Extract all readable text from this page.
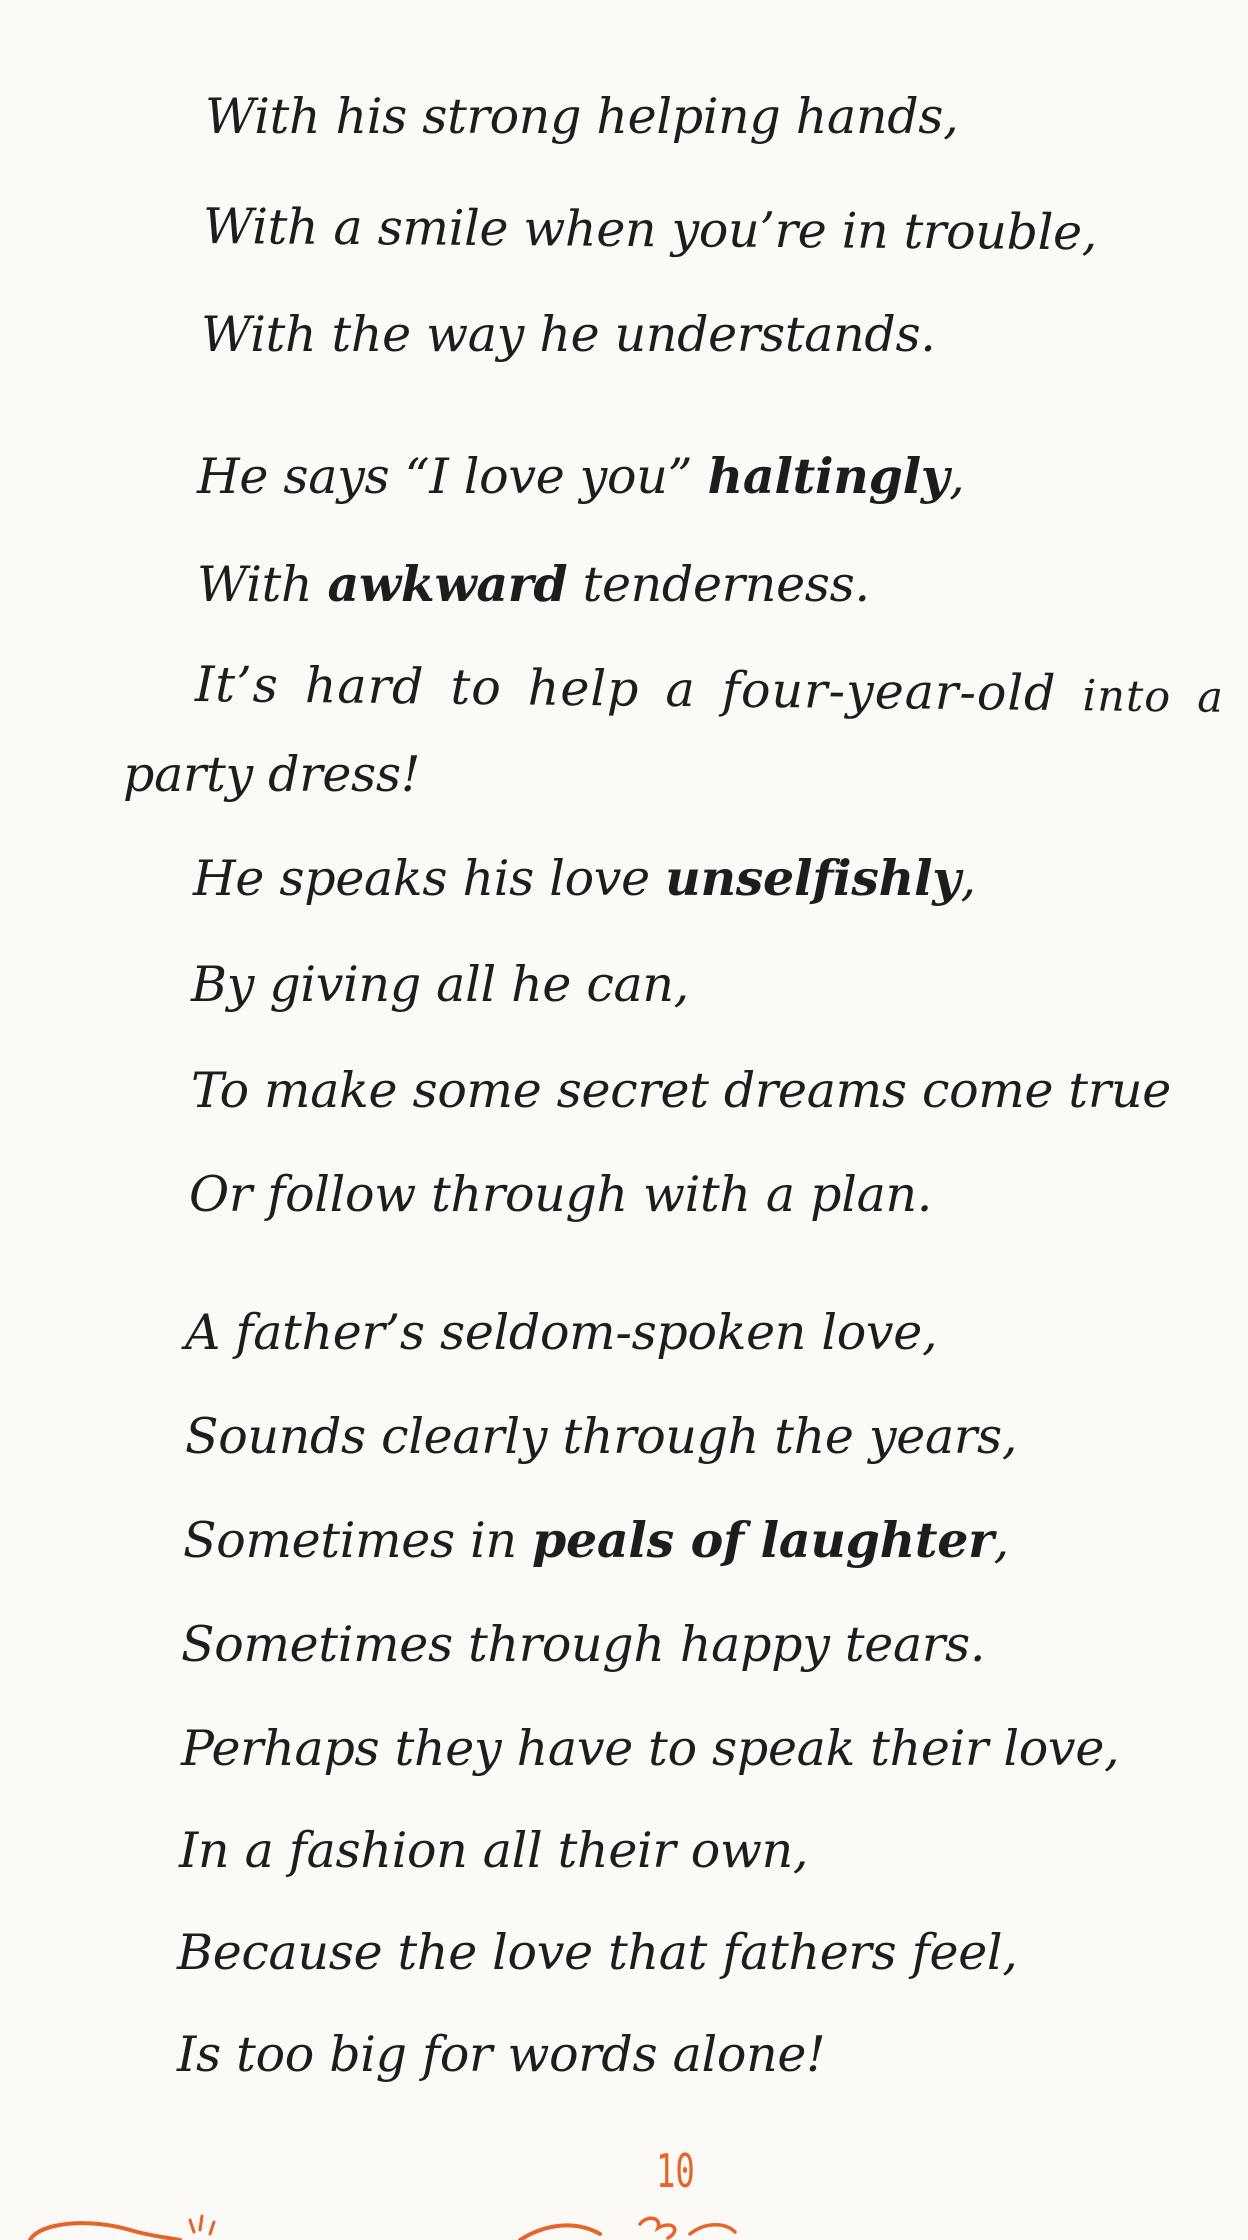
With his strong helping hands,
With a smile when you’re in trouble,
With the way he understands.
He says “I love you” haltingly,
With awkward tenderness.
It’s hard to help a four-year-old into a
party dress!
He speaks his love unselfishly,
By giving all he can,
To make some secret dreams come true
Or follow through with a plan.
A father’s seldom-spoken love,
Sounds clearly through the years,
Sometimes in peals of laughter,
Sometimes through happy tears.
Perhaps they have to speak their love,
In a fashion all their own,
Because the love that fathers feel,
Is too big for words alone!
10
